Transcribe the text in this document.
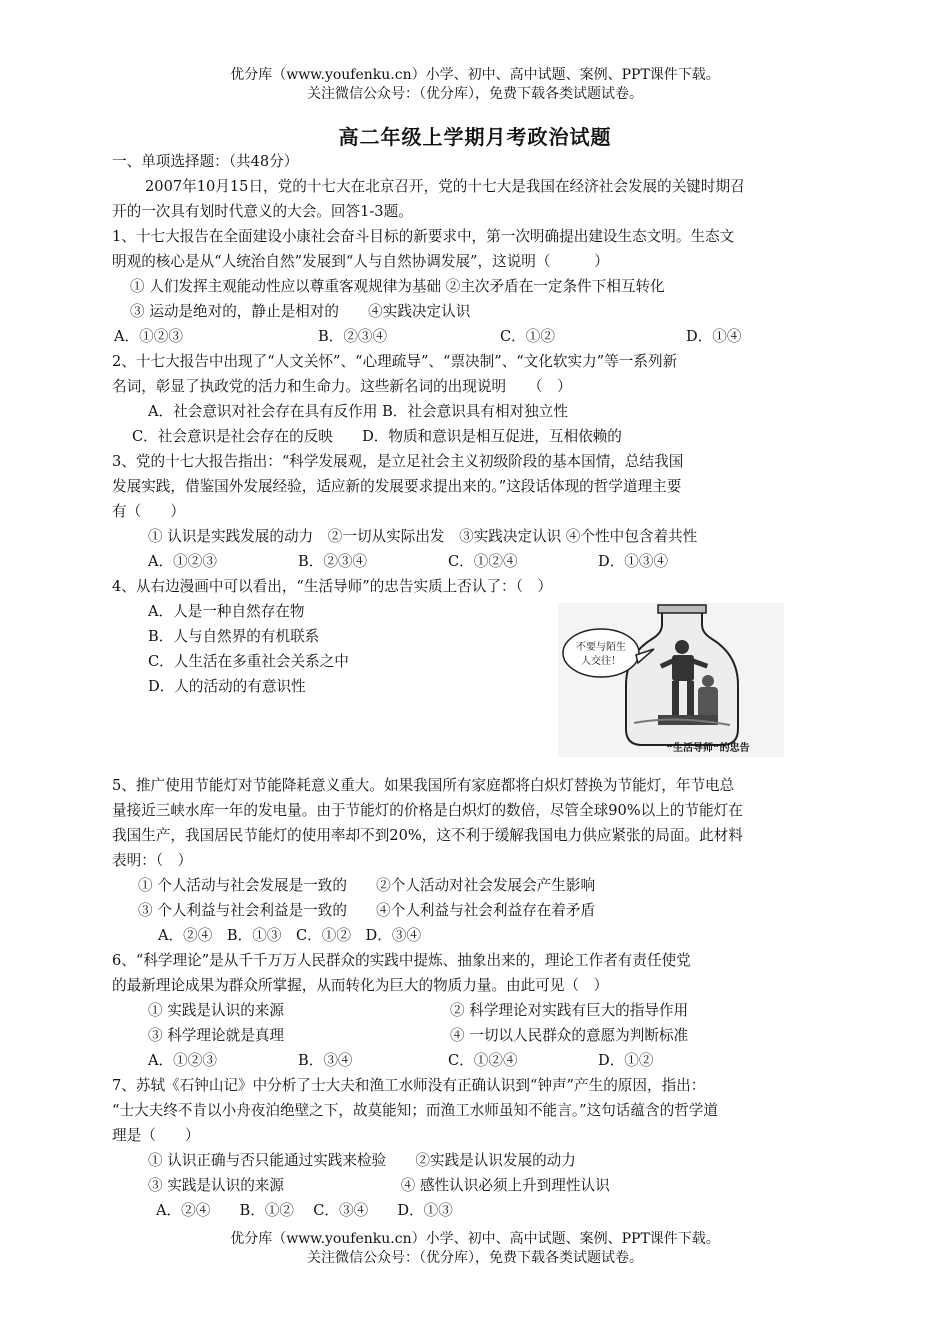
优分库（www.youfenku.cn）小学、初中、高中试题、案例、PPT课件下载。
关注微信公众号：（优分库），免费下载各类试题试卷。
高二年级上学期月考政治试题
一、单项选择题：（共48分）
2007年10月15日，党的十七大在北京召开，党的十七大是我国在经济社会发展的关键时期召
开的一次具有划时代意义的大会。回答1-3题。
1、十七大报告在全面建设小康社会奋斗目标的新要求中，第一次明确提出建设生态文明。生态文
明观的核心是从“人统治自然”发展到“人与自然协调发展”，这说明（　　　）
① 人们发挥主观能动性应以尊重客观规律为基础 ②主次矛盾在一定条件下相互转化
③ 运动是绝对的，静止是相对的　　④实践决定认识
A．①②③	B．②③④	C．①②	D．①④
2、十七大报告中出现了“人文关怀”、“心理疏导”、“票决制”、“文化软实力”等一系列新
名词，彰显了执政党的活力和生命力。这些新名词的出现说明　　（　）
A．社会意识对社会存在具有反作用 B．社会意识具有相对独立性
C．社会意识是社会存在的反映　　D．物质和意识是相互促进，互相依赖的
3、党的十七大报告指出：“科学发展观，是立足社会主义初级阶段的基本国情，总结我国
发展实践，借鉴国外发展经验，适应新的发展要求提出来的。”这段话体现的哲学道理主要
有（　　）
① 认识是实践发展的动力　②一切从实际出发　③实践决定认识 ④个性中包含着共性
A．①②③	B．②③④	C．①②④	D．①③④
4、从右边漫画中可以看出，“生活导师”的忠告实质上否认了：（　）
A．人是一种自然存在物
B．人与自然界的有机联系
C．人生活在多重社会关系之中
D．人的活动的有意识性
不要与陌生
人交往！
“生活导师”的忠告
5、推广使用节能灯对节能降耗意义重大。如果我国所有家庭都将白炽灯替换为节能灯，年节电总
量接近三峡水库一年的发电量。由于节能灯的价格是白炽灯的数倍，尽管全球90%以上的节能灯在
我国生产，我国居民节能灯的使用率却不到20%，这不利于缓解我国电力供应紧张的局面。此材料
表明：（　）
① 个人活动与社会发展是一致的　　②个人活动对社会发展会产生影响
③ 个人利益与社会利益是一致的　　④个人利益与社会利益存在着矛盾
A．②④　B．①③　C．①②　D．③④
6、“科学理论”是从千千万万人民群众的实践中提炼、抽象出来的，理论工作者有责任使党
的最新理论成果为群众所掌握，从而转化为巨大的物质力量。由此可见（　）
① 实践是认识的来源	② 科学理论对实践有巨大的指导作用
③ 科学理论就是真理	④ 一切以人民群众的意愿为判断标准
A．①②③	B．③④	C．①②④	D．①②
7、苏轼《石钟山记》中分析了士大夫和渔工水师没有正确认识到“钟声”产生的原因，指出：
“士大夫终不肯以小舟夜泊绝壁之下，故莫能知；而渔工水师虽知不能言。”这句话蕴含的哲学道
理是（　　）
① 认识正确与否只能通过实践来检验　　②实践是认识发展的动力
③ 实践是认识的来源　　　　　　　　④ 感性认识必须上升到理性认识
A．②④　　B．①②　 C．③④　　D．①③
优分库（www.youfenku.cn）小学、初中、高中试题、案例、PPT课件下载。
关注微信公众号：（优分库），免费下载各类试题试卷。
